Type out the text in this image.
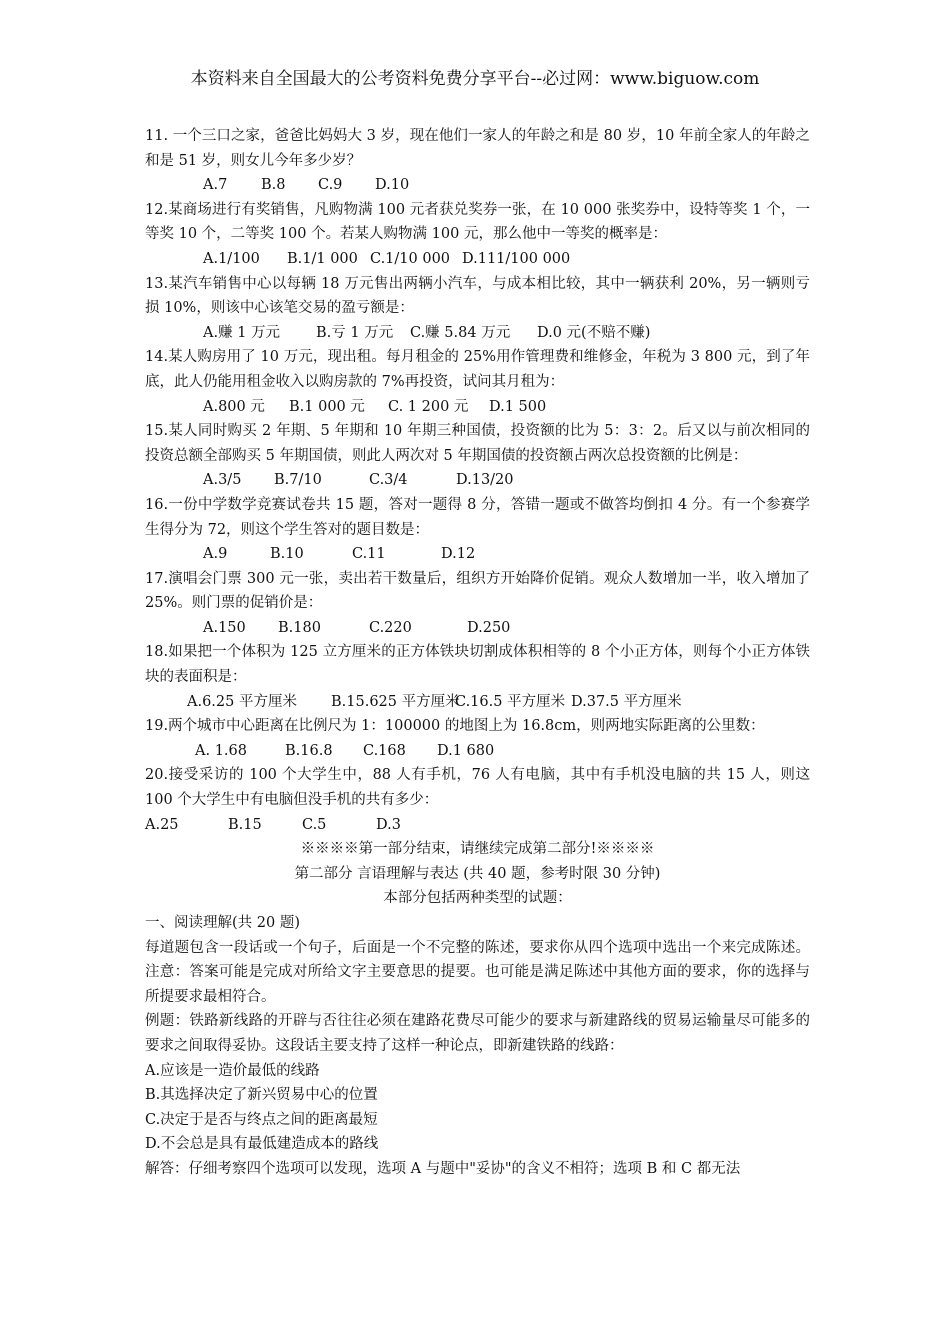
本资料来自全国最大的公考资料免费分享平台--必过网：www.biguow.com

11. 一个三口之家，爸爸比妈妈大 3 岁，现在他们一家人的年龄之和是 80 岁，10 年前全家人的年龄之和是 51 岁，则女儿今年多少岁？

A.7 B.8 C.9 D.10

12.某商场进行有奖销售，凡购物满 100 元者获兑奖券一张，在 10 000 张奖券中，设特等奖 1 个，一等奖 10 个，二等奖 100 个。若某人购物满 100 元，那么他中一等奖的概率是：

A.1/100 B.1/1 000 C.1/10 000 D.111/100 000

13.某汽车销售中心以每辆 18 万元售出两辆小汽车，与成本相比较，其中一辆获利 20%，另一辆则亏损 10%，则该中心该笔交易的盈亏额是：

A.赚 1 万元 B.亏 1 万元 C.赚 5.84 万元 D.0 元(不赔不赚)

14.某人购房用了 10 万元，现出租。每月租金的 25%用作管理费和维修金，年税为 3 800 元，到了年底，此人仍能用租金收入以购房款的 7%再投资，试问其月租为：

A.800 元 B.1 000 元 C. 1 200 元 D.1 500

15.某人同时购买 2 年期、5 年期和 10 年期三种国债，投资额的比为 5：3：2。后又以与前次相同的投资总额全部购买 5 年期国债，则此人两次对 5 年期国债的投资额占两次总投资额的比例是：

A.3/5 B.7/10	C.3/4	D.13/20

16.一份中学数学竞赛试卷共 15 题，答对一题得 8 分，答错一题或不做答均倒扣 4 分。有一个参赛学生得分为 72，则这个学生答对的题目数是：

A.9	B.10	C.11	D.12

17.演唱会门票 300 元一张，卖出若干数量后，组织方开始降价促销。观众人数增加一半，收入增加了 25%。则门票的促销价是：

A.150 B.180	C.220	D.250

18.如果把一个体积为 125 立方厘米的正方体铁块切割成体积相等的 8 个小正方体，则每个小正方体铁块的表面积是：

A.6.25 平方厘米 B.15.625 平方厘米C.16.5 平方厘米 D.37.5 平方厘米

19.两个城市中心距离在比例尺为 1：100000 的地图上为 16.8cm，则两地实际距离的公里数：

A. 1.68	B.16.8 C.168 D.1 680

20.接受采访的 100 个大学生中，88 人有手机，76 人有电脑，其中有手机没电脑的共 15 人，则这 100 个大学生中有电脑但没手机的共有多少：

A.25	B.15	C.5	D.3

※※※※第一部分结束，请继续完成第二部分!※※※※

第二部分 言语理解与表达 (共 40 题，参考时限 30 分钟)

本部分包括两种类型的试题：

一、阅读理解(共 20 题)

每道题包含一段话或一个句子，后面是一个不完整的陈述，要求你从四个选项中选出一个来完成陈述。注意：答案可能是完成对所给文字主要意思的提要。也可能是满足陈述中其他方面的要求，你的选择与所提要求最相符合。

例题：铁路新线路的开辟与否往往必须在建路花费尽可能少的要求与新建路线的贸易运输量尽可能多的要求之间取得妥协。这段话主要支持了这样一种论点，即新建铁路的线路：

A.应该是一造价最低的线路

B.其选择决定了新兴贸易中心的位置

C.决定于是否与终点之间的距离最短

D.不会总是具有最低建造成本的路线

解答：仔细考察四个选项可以发现，选项 A 与题中"妥协"的含义不相符；选项 B 和 C 都无法
